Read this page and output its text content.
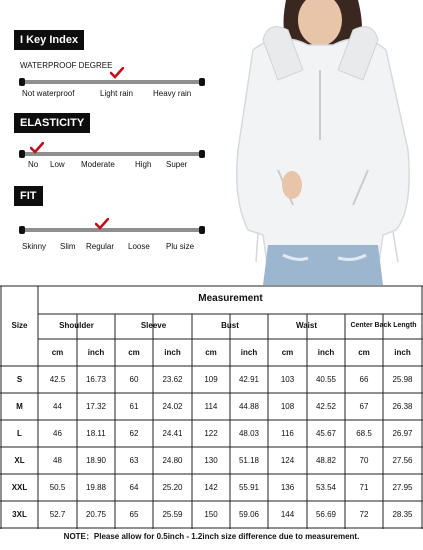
I Key Index
WATERPROOF DEGREE
Not waterproof	Light rain	Heavy rain
ELASTICITY
No Low Moderate	High Super
FIT
Skinny Slim Regular Loose Plu size
Measurement
Size	Shoulder	Sleeve	Bust	Waist	Center Back Length
cm	inch	cm	inch	cm	inch	cm	inch	cm	inch
S	42.5	16.73	60	23.62	109	42.91	103	40.55	66	25.98
M	44	17.32	61	24.02	114	44.88	108	42.52	67	26.38
L	46	18.11	62	24.41	122	48.03	116	45.67	68.5	26.97
XL	48	18.90	63	24.80	130	51.18	124	48.82	70	27.56
XXL	50.5	19.88	64	25.20	142	55.91	136	53.54	71	27.95
3XL	52.7	20.75	65	25.59	150	59.06	144	56.69	72	28.35
NOTE：Please allow for 0.5inch - 1.2inch size difference due to measurement.
